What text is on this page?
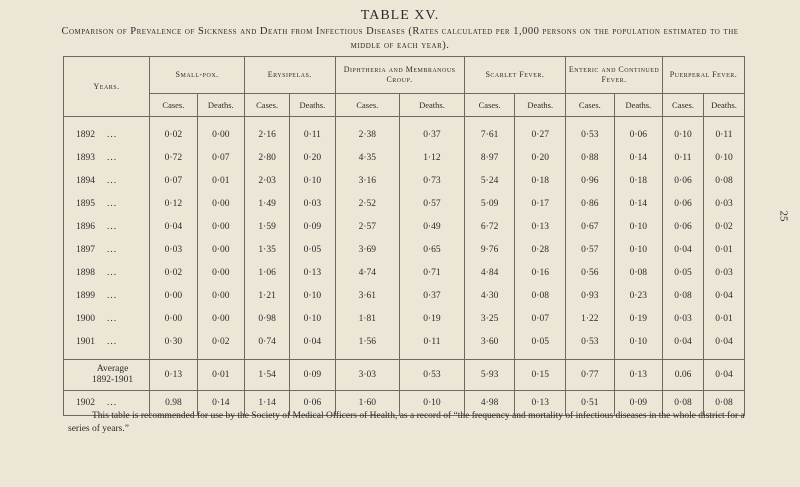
TABLE XV.
Comparison of Prevalence of Sickness and Death from Infectious Diseases (Rates calculated per 1,000 persons on the population estimated to the middle of each year).
25
Years.	Small-pox.		Erysipelas.		Diphtheria and Membranous Croup.		Scarlet Fever.		Enteric and Continued Fever.		Puerperal Fever.	
	Cases.	Deaths.	Cases.	Deaths.	Cases.	Deaths.	Cases.	Deaths.	Cases.	Deaths.	Cases.	Deaths.
1892 ...	0·02	0·00	2·16	0·11	2·38	0·37	7·61	0·27	0·53	0·06	0·10	0·11
1893 ...	0·72	0·07	2·80	0·20	4·35	1·12	8·97	0·20	0·88	0·14	0·11	0·10
1894 ...	0·07	0·01	2·03	0·10	3·16	0·73	5·24	0·18	0·96	0·18	0·06	0·08
1895 ...	0·12	0·00	1·49	0·03	2·52	0·57	5·09	0·17	0·86	0·14	0·06	0·03
1896 ...	0·04	0·00	1·59	0·09	2·57	0·49	6·72	0·13	0·67	0·10	0·06	0·02
1897 ...	0·03	0·00	1·35	0·05	3·69	0·65	9·76	0·28	0·57	0·10	0·04	0·01
1898 ...	0·02	0·00	1·06	0·13	4·74	0·71	4·84	0·16	0·56	0·08	0·05	0·03
1899 ...	0·00	0·00	1·21	0·10	3·61	0·37	4·30	0·08	0·93	0·23	0·08	0·04
1900 ...	0·00	0·00	0·98	0·10	1·81	0·19	3·25	0·07	1·22	0·19	0·03	0·01
1901 ...	0·30	0·02	0·74	0·04	1·56	0·11	3·60	0·05	0·53	0·10	0·04	0·04

Average
1892-1901	0·13	0·01	1·54	0·09	3·03	0·53	5·93	0·15	0·77	0·13	0.06	0·04
1902 ...	0.98	0·14	1·14	0·06	1·60	0·10	4·98	0·13	0·51	0·09	0·08	0·08
This table is recommended for use by the Society of Medical Officers of Health, as a record of “the frequency and mortality of infectious diseases in the whole district for a series of years.”
